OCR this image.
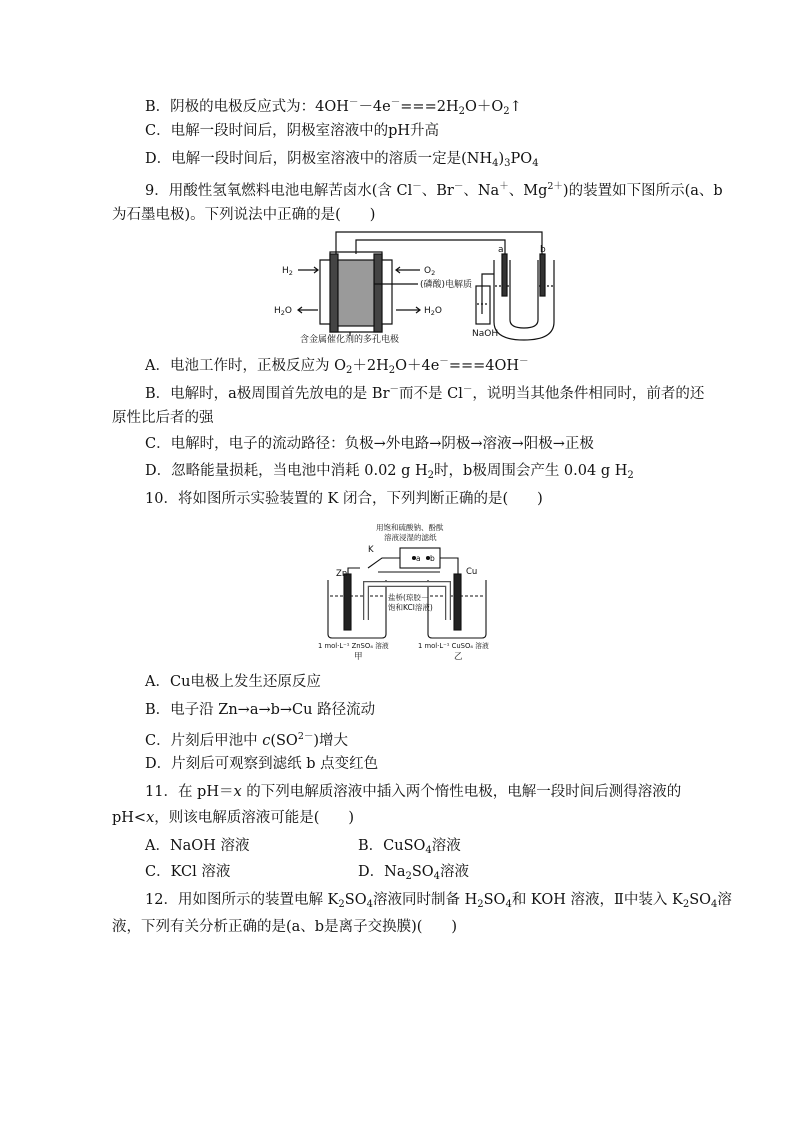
B．阴极的电极反应式为：$4OH^--4e^-===2H_2O+O_2↑$
C．电解一段时间后，阴极室溶液中的pH升高
D．电解一段时间后，阴极室溶液中的溶质一定是$(NH_4)_3PO_4$
9．用酸性氢氧燃料电池电解苦卤水(含 Cl－、Br－、Na＋、$Mg^{2+}$)的装置如下图所示(a、b
为石墨电极)。下列说法中正确的是(　　)
$H_2$	$O_2$
$H_2O$	$H_2O$
(磷酸)电解质
含金属催化剂的多孔电极
a	b
NaOH
A．电池工作时，正极反应为 $O_2+2H_2O+4e^-===4OH^-$
B．电解时，a极周围首先放电的是 Br－而不是 Cl－，说明当其他条件相同时，前者的还
原性比后者的强
C．电解时，电子的流动路径：负极→外电路→阴极→溶液→阳极→正极
D．忽略能量损耗，当电池中消耗 0.02 g $H_2$时，b极周围会产生 0.04 g $H_2$
10．将如图所示实验装置的 K 闭合，下列判断正确的是(　　)
用饱和硫酸钠、酚酞
溶液浸湿的滤纸
K
a b
Zn	Cu
盐桥(琼胶－
饱和KCl溶液)
1 mol·L⁻¹ ZnSO₄ 溶液	1 mol·L⁻¹ CuSO₄ 溶液
甲	乙
A．Cu电极上发生还原反应
B．电子沿 Zn→a→b→Cu 路径流动
C．片刻后甲池中 $c(SO^{2-})$增大
D．片刻后可观察到滤纸 b 点变红色
11．在 pH＝x 的下列电解质溶液中插入两个惰性电极，电解一段时间后测得溶液的
pH<x，则该电解质溶液可能是(　　)
A．NaOH 溶液	B．CuSO$_4$溶液
C．KCl 溶液	D．$Na_2SO_4$溶液
12．用如图所示的装置电解 $K_2SO_4$溶液同时制备 $H_2SO_4$和 KOH 溶液，Ⅱ中装入 $K_2SO_4$溶
液，下列有关分析正确的是(a、b是离子交换膜)(　　)
